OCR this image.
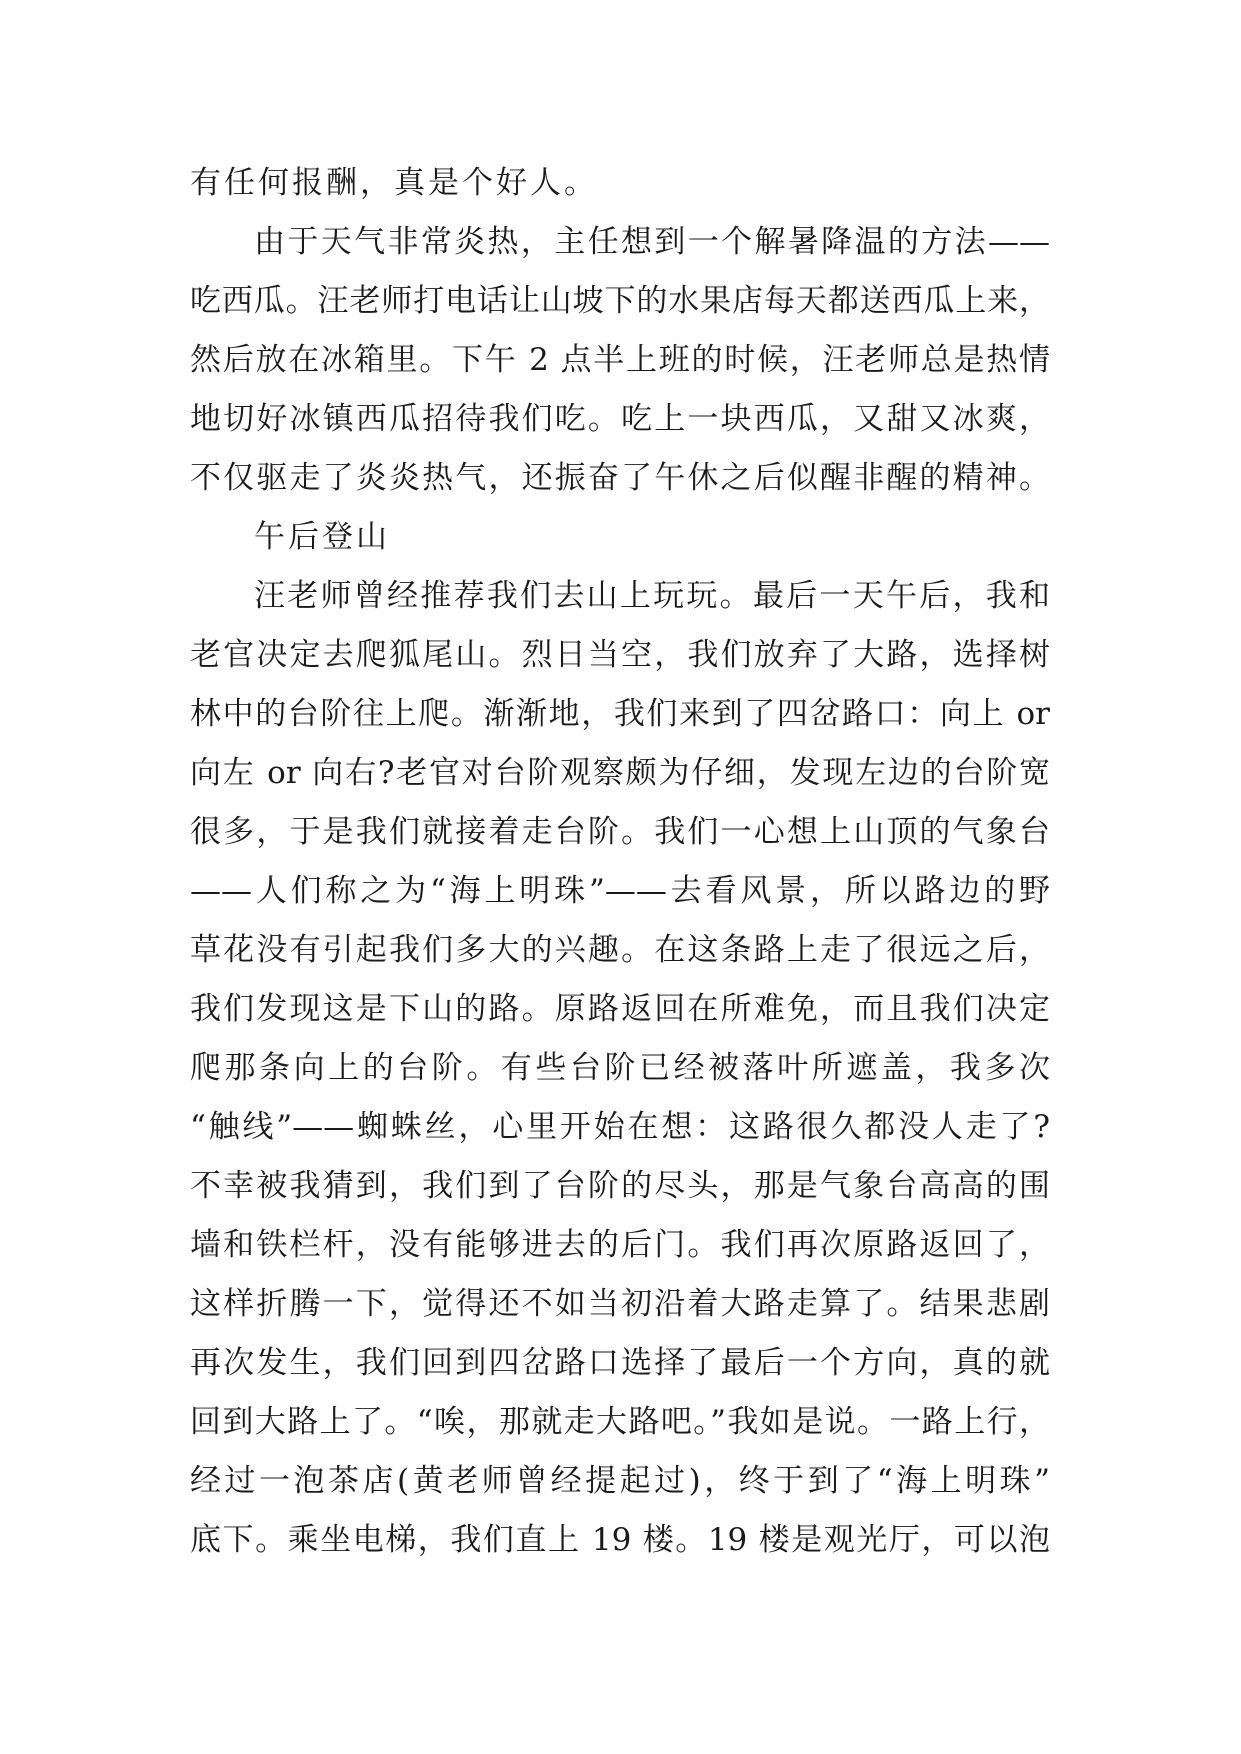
有任何报酬，真是个好人。
由于天气非常炎热，主任想到一个解暑降温的方法——
吃西瓜。汪老师打电话让山坡下的水果店每天都送西瓜上来，
然后放在冰箱里。下午 2 点半上班的时候，汪老师总是热情
地切好冰镇西瓜招待我们吃。吃上一块西瓜，又甜又冰爽，
不仅驱走了炎炎热气，还振奋了午休之后似醒非醒的精神。
午后登山
汪老师曾经推荐我们去山上玩玩。最后一天午后，我和
老官决定去爬狐尾山。烈日当空，我们放弃了大路，选择树
林中的台阶往上爬。渐渐地，我们来到了四岔路口：向上 or
向左 or 向右?老官对台阶观察颇为仔细，发现左边的台阶宽
很多，于是我们就接着走台阶。我们一心想上山顶的气象台
——人们称之为“海上明珠”——去看风景，所以路边的野
草花没有引起我们多大的兴趣。在这条路上走了很远之后，
我们发现这是下山的路。原路返回在所难免，而且我们决定
爬那条向上的台阶。有些台阶已经被落叶所遮盖，我多次
“触线”——蜘蛛丝，心里开始在想：这路很久都没人走了?
不幸被我猜到，我们到了台阶的尽头，那是气象台高高的围
墙和铁栏杆，没有能够进去的后门。我们再次原路返回了，
这样折腾一下，觉得还不如当初沿着大路走算了。结果悲剧
再次发生，我们回到四岔路口选择了最后一个方向，真的就
回到大路上了。“唉，那就走大路吧。”我如是说。一路上行，
经过一泡茶店(黄老师曾经提起过)，终于到了“海上明珠”
底下。乘坐电梯，我们直上 19 楼。19 楼是观光厅，可以泡
